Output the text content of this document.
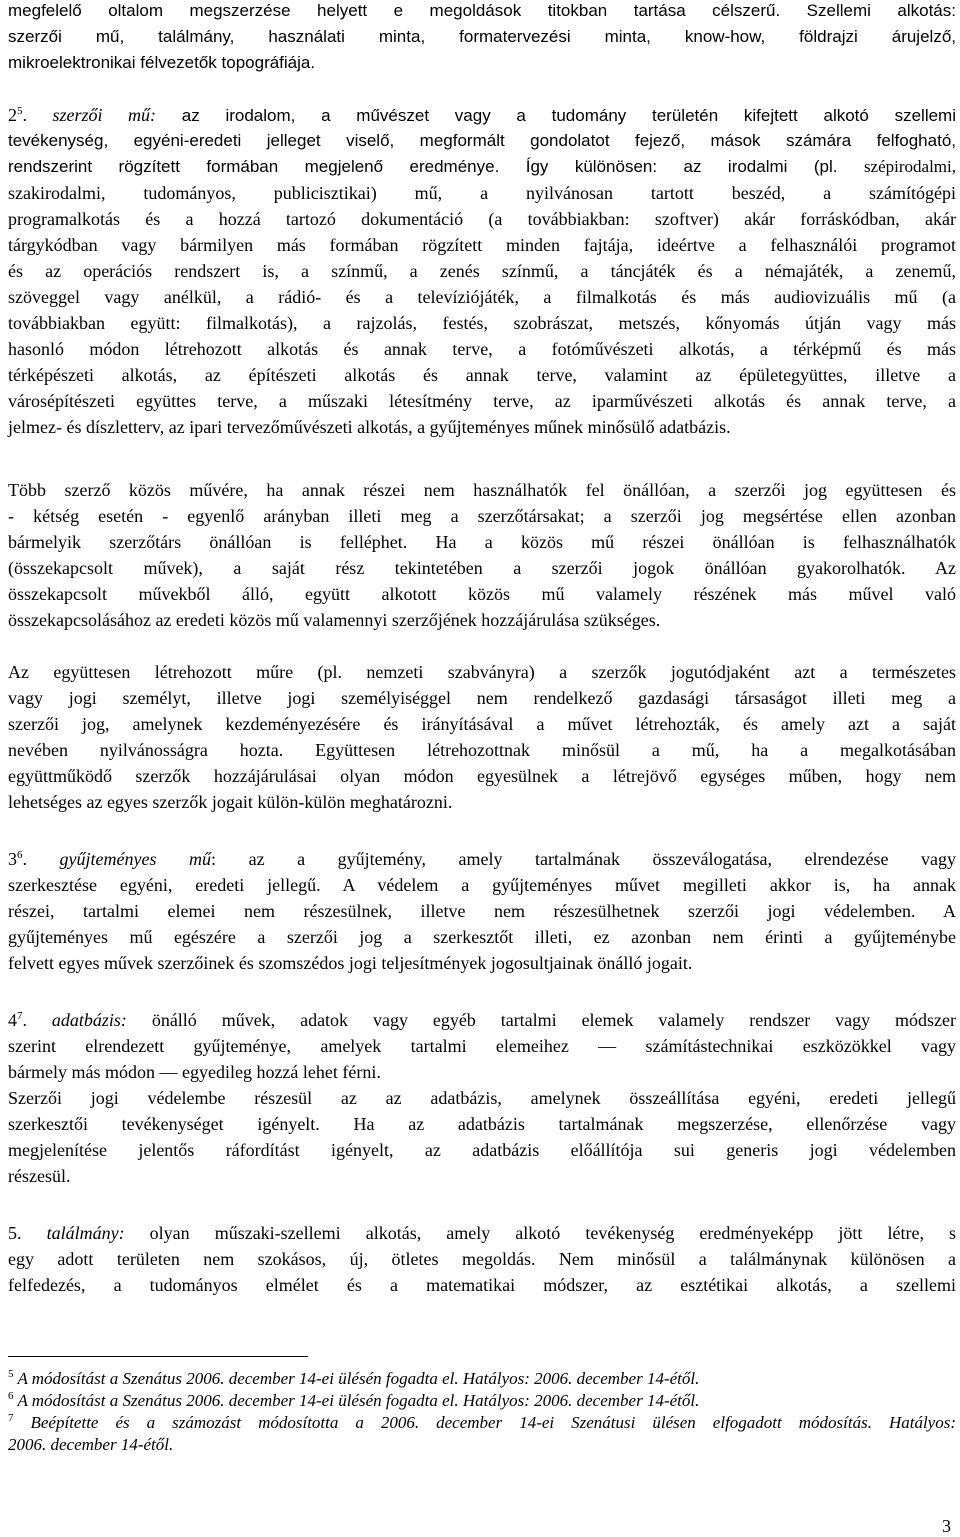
megfelelő oltalom megszerzése helyett e megoldások titokban tartása célszerű. Szellemi alkotás:
szerzői mű, találmány, használati minta, formatervezési minta, know-how, földrajzi árujelző,
mikroelektronikai félvezetők topográfiája.
$2^5$. szerzői mű: az irodalom, a művészet vagy a tudomány területén kifejtett alkotó szellemi
tevékenység, egyéni-eredeti jelleget viselő, megformált gondolatot fejező, mások számára felfogható,
rendszerint rögzített formában megjelenő eredménye. Így különösen: az irodalmi (pl. szépirodalmi,
szakirodalmi, tudományos, publicisztikai) mű, a nyilvánosan tartott beszéd, a számítógépi
programalkotás és a hozzá tartozó dokumentáció (a továbbiakban: szoftver) akár forráskódban, akár
tárgykódban vagy bármilyen más formában rögzített minden fajtája, ideértve a felhasználói programot
és az operációs rendszert is, a színmű, a zenés színmű, a táncjáték és a némajáték, a zenemű,
szöveggel vagy anélkül, a rádió- és a televíziójáték, a filmalkotás és más audiovizuális mű (a
továbbiakban együtt: filmalkotás), a rajzolás, festés, szobrászat, metszés, kőnyomás útján vagy más
hasonló módon létrehozott alkotás és annak terve, a fotóművészeti alkotás, a térképmű és más
térképészeti alkotás, az építészeti alkotás és annak terve, valamint az épületegyüttes, illetve a
városépítészeti együttes terve, a műszaki létesítmény terve, az iparművészeti alkotás és annak terve, a
jelmez- és díszletterv, az ipari tervezőművészeti alkotás, a gyűjteményes műnek minősülő adatbázis.
Több szerző közös művére, ha annak részei nem használhatók fel önállóan, a szerzői jog együttesen és
- kétség esetén - egyenlő arányban illeti meg a szerzőtársakat; a szerzői jog megsértése ellen azonban
bármelyik szerzőtárs önállóan is felléphet. Ha a közös mű részei önállóan is felhasználhatók
(összekapcsolt művek), a saját rész tekintetében a szerzői jogok önállóan gyakorolhatók. Az
összekapcsolt művekből álló, együtt alkotott közös mű valamely részének más művel való
összekapcsolásához az eredeti közös mű valamennyi szerzőjének hozzájárulása szükséges.
Az együttesen létrehozott műre (pl. nemzeti szabványra) a szerzők jogutódjaként azt a természetes
vagy jogi személyt, illetve jogi személyiséggel nem rendelkező gazdasági társaságot illeti meg a
szerzői jog, amelynek kezdeményezésére és irányításával a művet létrehozták, és amely azt a saját
nevében nyilvánosságra hozta. Együttesen létrehozottnak minősül a mű, ha a megalkotásában
együttműködő szerzők hozzájárulásai olyan módon egyesülnek a létrejövő egységes műben, hogy nem
lehetséges az egyes szerzők jogait külön-külön meghatározni.
$3^6$. gyűjteményes mű: az a gyűjtemény, amely tartalmának összeválogatása, elrendezése vagy
szerkesztése egyéni, eredeti jellegű. A védelem a gyűjteményes művet megilleti akkor is, ha annak
részei, tartalmi elemei nem részesülnek, illetve nem részesülhetnek szerzői jogi védelemben. A
gyűjteményes mű egészére a szerzői jog a szerkesztőt illeti, ez azonban nem érinti a gyűjteménybe
felvett egyes művek szerzőinek és szomszédos jogi teljesítmények jogosultjainak önálló jogait.
$4^7$. adatbázis: önálló művek, adatok vagy egyéb tartalmi elemek valamely rendszer vagy módszer
szerint elrendezett gyűjteménye, amelyek tartalmi elemeihez — számítástechnikai eszközökkel vagy
bármely más módon — egyedileg hozzá lehet férni.
Szerzői jogi védelembe részesül az az adatbázis, amelynek összeállítása egyéni, eredeti jellegű
szerkesztői tevékenységet igényelt. Ha az adatbázis tartalmának megszerzése, ellenőrzése vagy
megjelenítése jelentős ráfordítást igényelt, az adatbázis előállítója sui generis jogi védelemben
részesül.
5. találmány: olyan műszaki-szellemi alkotás, amely alkotó tevékenység eredményeképp jött létre, s
egy adott területen nem szokásos, új, ötletes megoldás. Nem minősül a találmánynak különösen a
felfedezés, a tudományos elmélet és a matematikai módszer, az esztétikai alkotás, a szellemi
$^5$ A módosítást a Szenátus 2006. december 14-ei ülésén fogadta el. Hatályos: 2006. december 14-étől.
$^6$ A módosítást a Szenátus 2006. december 14-ei ülésén fogadta el. Hatályos: 2006. december 14-étől.
$^7$ Beépítette és a számozást módosította a 2006. december 14-ei Szenátusi ülésen elfogadott módosítás. Hatályos:
2006. december 14-étől.
3
